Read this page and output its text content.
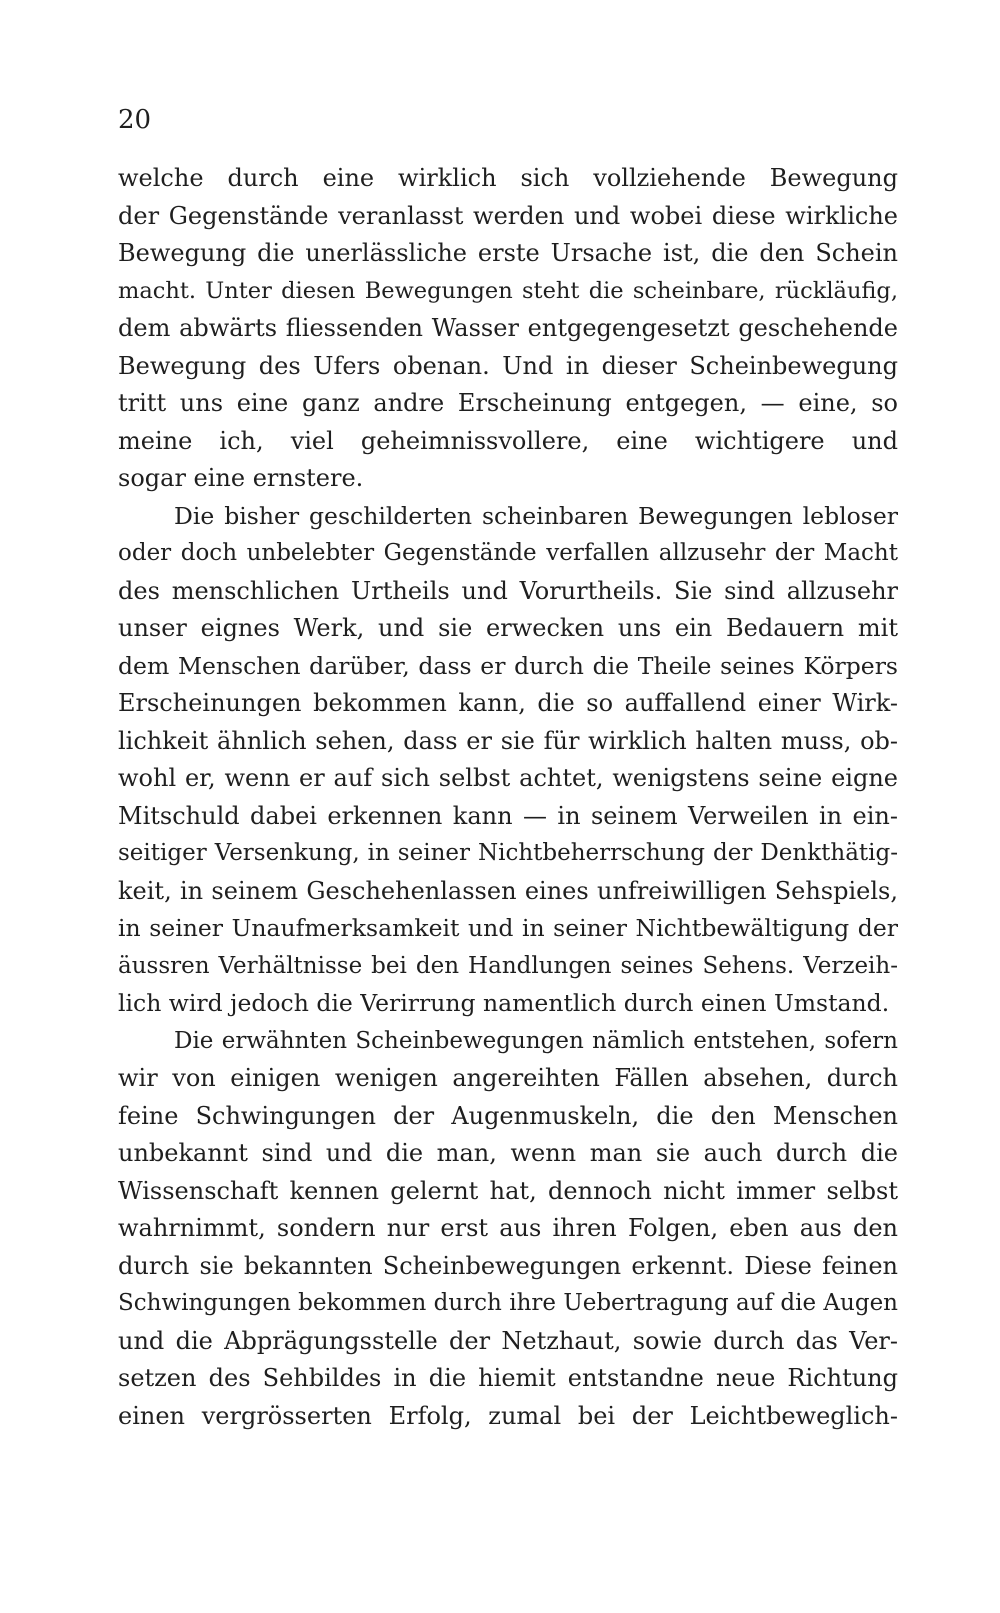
20
welche durch eine wirklich sich vollziehende Bewegung
der Gegenstände veranlasst werden und wobei diese wirkliche
Bewegung die unerlässliche erste Ursache ist, die den Schein
macht. Unter diesen Bewegungen steht die scheinbare, rückläufig,
dem abwärts fliessenden Wasser entgegengesetzt geschehende
Bewegung des Ufers obenan. Und in dieser Scheinbewegung
tritt uns eine ganz andre Erscheinung entgegen, — eine, so
meine ich, viel geheimnissvollere, eine wichtigere und
sogar eine ernstere.
Die bisher geschilderten scheinbaren Bewegungen lebloser
oder doch unbelebter Gegenstände verfallen allzusehr der Macht
des menschlichen Urtheils und Vorurtheils. Sie sind allzusehr
unser eignes Werk, und sie erwecken uns ein Bedauern mit
dem Menschen darüber, dass er durch die Theile seines Körpers
Erscheinungen bekommen kann, die so auffallend einer Wirk-
lichkeit ähnlich sehen, dass er sie für wirklich halten muss, ob-
wohl er, wenn er auf sich selbst achtet, wenigstens seine eigne
Mitschuld dabei erkennen kann — in seinem Verweilen in ein-
seitiger Versenkung, in seiner Nichtbeherrschung der Denkthätig-
keit, in seinem Geschehenlassen eines unfreiwilligen Sehspiels,
in seiner Unaufmerksamkeit und in seiner Nichtbewältigung der
äussren Verhältnisse bei den Handlungen seines Sehens. Verzeih-
lich wird jedoch die Verirrung namentlich durch einen Umstand.
Die erwähnten Scheinbewegungen nämlich entstehen, sofern
wir von einigen wenigen angereihten Fällen absehen, durch
feine Schwingungen der Augenmuskeln, die den Menschen
unbekannt sind und die man, wenn man sie auch durch die
Wissenschaft kennen gelernt hat, dennoch nicht immer selbst
wahrnimmt, sondern nur erst aus ihren Folgen, eben aus den
durch sie bekannten Scheinbewegungen erkennt. Diese feinen
Schwingungen bekommen durch ihre Uebertragung auf die Augen
und die Abprägungsstelle der Netzhaut, sowie durch das Ver-
setzen des Sehbildes in die hiemit entstandne neue Richtung
einen vergrösserten Erfolg, zumal bei der Leichtbeweglich-
